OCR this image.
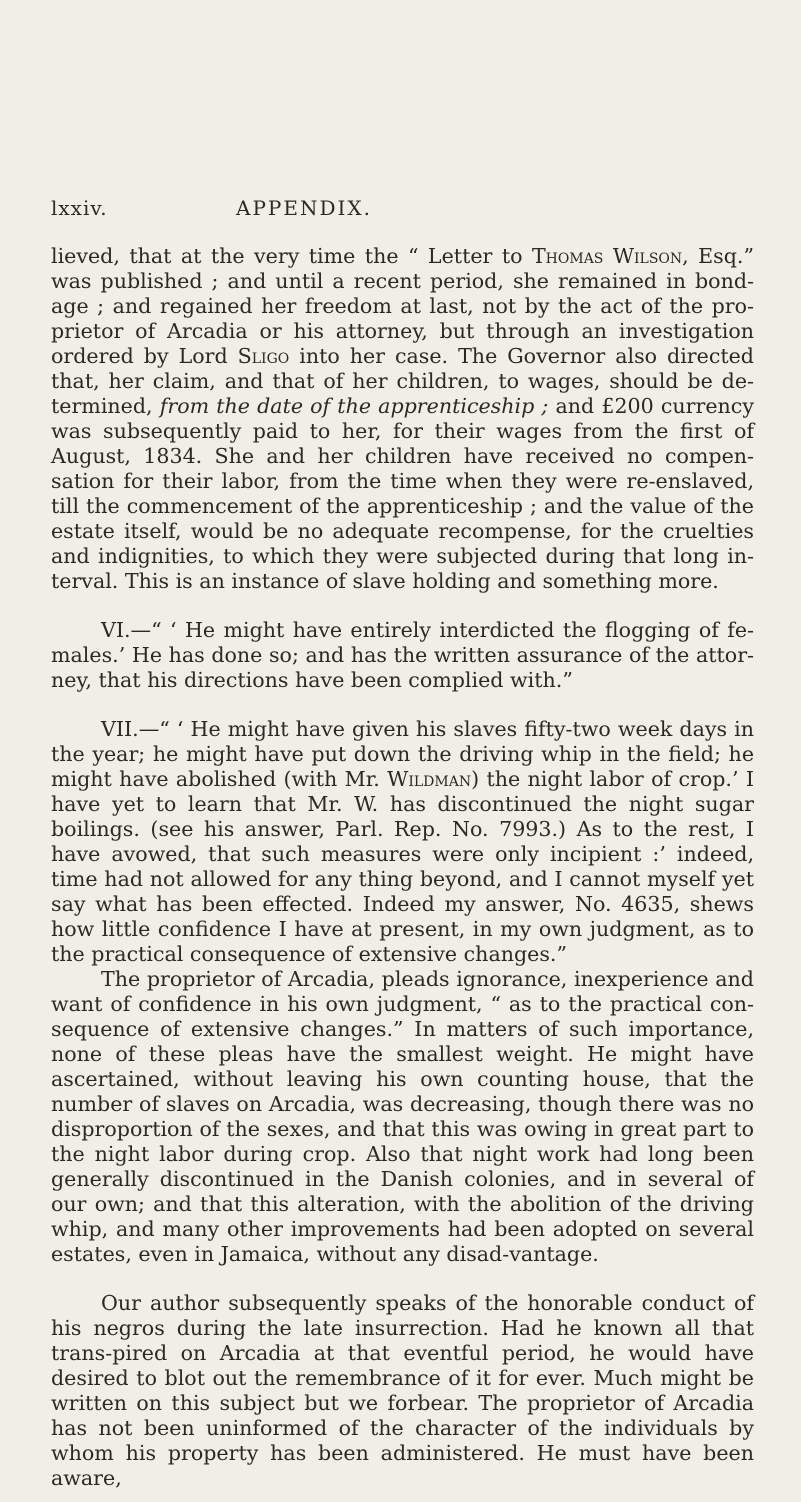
lxxiv.	APPENDIX.

lieved, that at the very time the “ Letter to Thomas Wilson, Esq.” was published ; and until a recent period, she remained in bond-age ; and regained her freedom at last, not by the act of the pro-prietor of Arcadia or his attorney, but through an investigation ordered by Lord Sligo into her case. The Governor also directed that, her claim, and that of her children, to wages, should be de-termined, from the date of the apprenticeship ; and £200 currency was subsequently paid to her, for their wages from the first of August, 1834. She and her children have received no compen-sation for their labor, from the time when they were re-enslaved, till the commencement of the apprenticeship ; and the value of the estate itself, would be no adequate recompense, for the cruelties and indignities, to which they were subjected during that long in-terval. This is an instance of slave holding and something more.

VI.—“ ‘ He might have entirely interdicted the flogging of fe-males.’ He has done so; and has the written assurance of the attor-ney, that his directions have been complied with.”

VII.—“ ‘ He might have given his slaves fifty-two week days in the year; he might have put down the driving whip in the field; he might have abolished (with Mr. Wildman) the night labor of crop.’ I have yet to learn that Mr. W. has discontinued the night sugar boilings. (see his answer, Parl. Rep. No. 7993.) As to the rest, I have avowed, that such measures were only incipient :’ indeed, time had not allowed for any thing beyond, and I cannot myself yet say what has been effected. Indeed my answer, No. 4635, shews how little confidence I have at present, in my own judgment, as to the practical consequence of extensive changes.”

The proprietor of Arcadia, pleads ignorance, inexperience and want of confidence in his own judgment, “ as to the practical con-sequence of extensive changes.” In matters of such importance, none of these pleas have the smallest weight. He might have ascertained, without leaving his own counting house, that the number of slaves on Arcadia, was decreasing, though there was no disproportion of the sexes, and that this was owing in great part to the night labor during crop. Also that night work had long been generally discontinued in the Danish colonies, and in several of our own; and that this alteration, with the abolition of the driving whip, and many other improvements had been adopted on several estates, even in Jamaica, without any disad-vantage.

Our author subsequently speaks of the honorable conduct of his negros during the late insurrection. Had he known all that trans-pired on Arcadia at that eventful period, he would have desired to blot out the remembrance of it for ever. Much might be written on this subject but we forbear. The proprietor of Arcadia has not been uninformed of the character of the individuals by whom his property has been administered. He must have been aware,
